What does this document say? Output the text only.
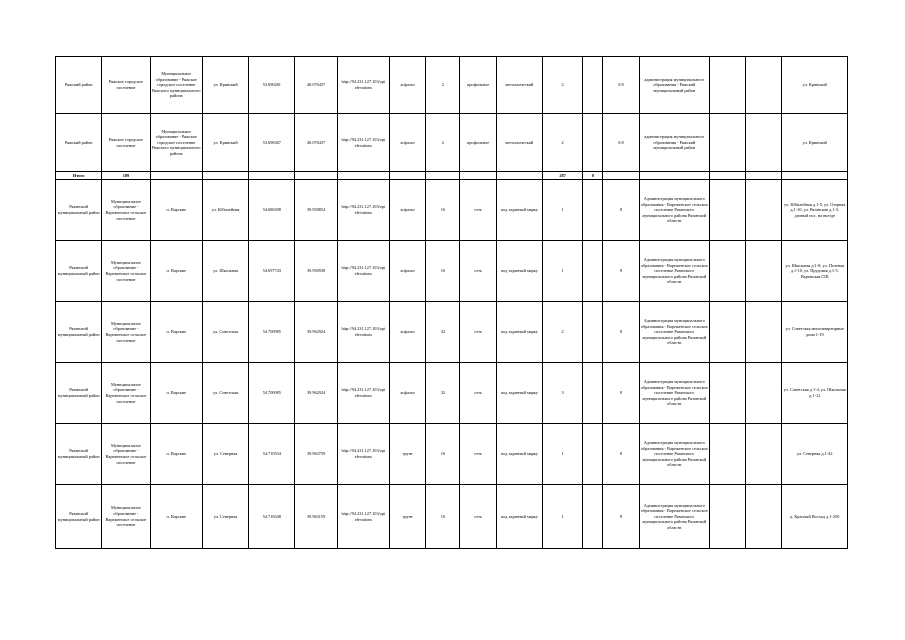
Ряжский район	Ряжское городское поселение	Муниципальное образование - Ряжское городское поселение Ряжского муниципального района	ул. Кривский	53.690281	40.076437	http://94.231.127.103/opi elevations	асфальт	2	профильное	металлический	2		0.8	администрация муниципального образования - Ряжский муниципальный район			ул. Кривский
Ряжский район	Ряжское городское поселение	Муниципальное образование - Ряжское городское поселение Ряжского муниципального района	ул. Кривский	53.696367	40.076437	http://94.231.127.103/opi elevations	асфальт	2	профильное	металлический	2		0.8	администрация муниципального образования - Ряжский муниципальный район			ул. Кривский
Итого	189										287	0					
Рязанский муниципальный район	Муниципальное образование - Вареженское сельское поселение	п. Варские	ул. Юбилейная	54.686398	39.958854	http://94.231.127.103/opi elevations	асфальт	16	сеть	под заданный марку	1		8	Администрация муниципального образования - Вареженское сельское поселение Рязанского муниципального района Рязанской области			ул. Юбилейная д.1-5, ул. Озерная д.1-10, ул. Рязанская д.1-3, дачный пос. на въезде
Рязанский муниципальный район	Муниципальное образование - Вареженское сельское поселение	п. Варские	ул. Школьная	54.697743	39.950938	http://94.231.127.103/opi elevations	асфальт	16	сеть	под заданный марку	1		8	Администрация муниципального образования - Вареженское сельское поселение Рязанского муниципального района Рязанской области			ул. Школьная д.1-8, ул. Полевая д.1-10, ул. Прудовая д.1-5, Варежская СШ
Рязанский муниципальный район	Муниципальное образование - Вареженское сельское поселение	п. Варские	ул. Советская	54.700985	39.962924	http://94.231.127.103/opi elevations	асфальт	32	сеть	под заданный марку	2		8	Администрация муниципального образования - Вареженское сельское поселение Рязанского муниципального района Рязанской области			ул. Советская многоквартирные дома 1-19
Рязанский муниципальный район	Муниципальное образование - Вареженское сельское поселение	п. Варские	ул. Советская	54.700985	39.962924	http://94.231.127.103/opi elevations	асфальт	32	сеть	под заданный марку	3		8	Администрация муниципального образования - Вареженское сельское поселение Рязанского муниципального района Рязанской области			ул. Советская д.1-4, ул. Школьная д.1-12
Рязанский муниципальный район	Муниципальное образование - Вареженское сельское поселение	п. Варские	ул. Северная	54.710534	39.963759	http://94.231.127.103/opi elevations	грунт	16	сеть	под заданный марку	1		8	Администрация муниципального образования - Вареженское сельское поселение Рязанского муниципального района Рязанской области			ул. Северная д.1-42
Рязанский муниципальный район	Муниципальное образование - Вареженское сельское поселение	п. Варские	ул. Северная	54.716548	39.963159	http://94.231.127.103/opi elevations	грунт	16	сеть	под заданный марку	1		8	Администрация муниципального образования - Вареженское сельское поселение Рязанского муниципального района Рязанской области			д. Красный Восход д.1-250
